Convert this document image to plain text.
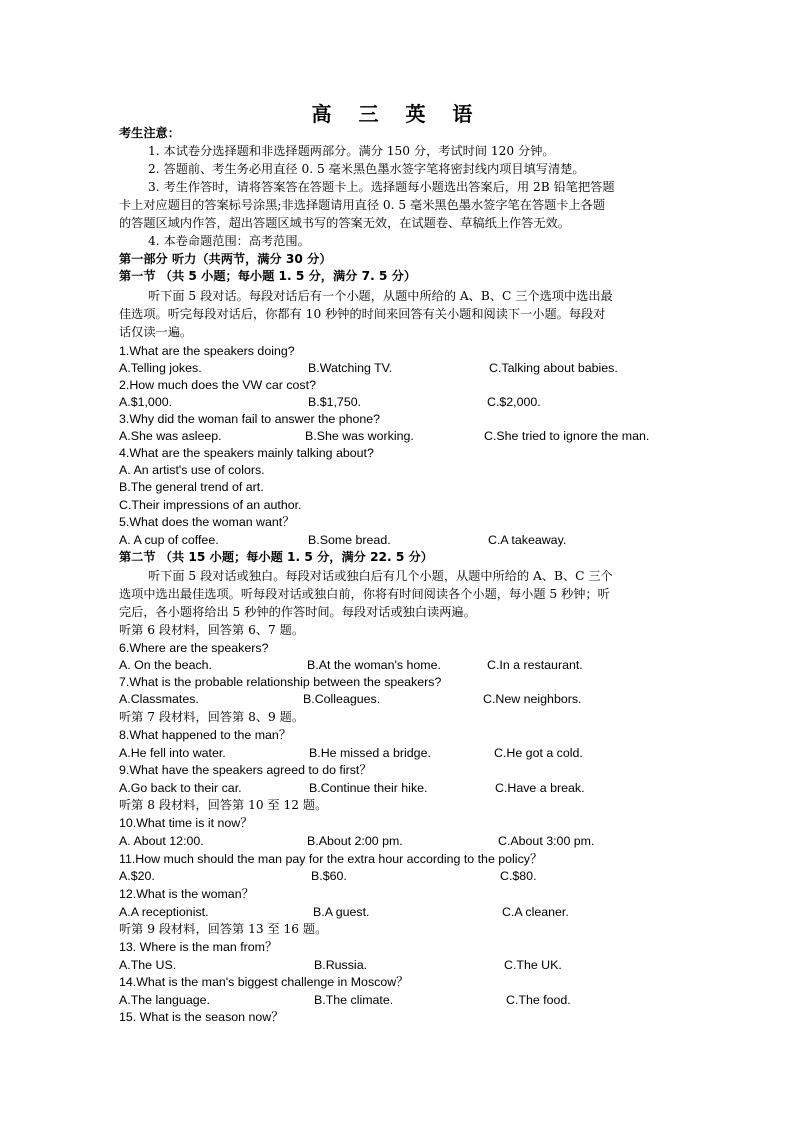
高 三 英 语
考生注意：
1. 本试卷分选择题和非选择题两部分。满分 150 分，考试时间 120 分钟。
2. 答题前、考生务必用直径 0. 5 毫米黑色墨水签字笔将密封线内项目填写清楚。
3. 考生作答时，请将答案答在答题卡上。选择题每小题选出答案后，用 2B 铅笔把答题
卡上对应题目的答案标号涂黑;非选择题请用直径 0. 5 毫米黑色墨水签字笔在答题卡上各题
的答题区域内作答，超出答题区域书写的答案无效，在试题卷、草稿纸上作答无效。
4. 本卷命题范围：高考范围。
第一部分 听力（共两节，满分 30 分）
第一节 （共 5 小题；每小题 1. 5 分，满分 7. 5 分）
听下面 5 段对话。每段对话后有一个小题，从题中所给的 A、B、C 三个选项中选出最
佳选项。听完每段对话后，你都有 10 秒钟的时间来回答有关小题和阅读下一小题。每段对
话仅读一遍。
1.What are the speakers doing?
A.Telling jokes.	B.Watching TV.	C.Talking about babies.
2.How much does the VW car cost?
A.$1,000.	B.$1,750.	C.$2,000.
3.Why did the woman fail to answer the phone?
A.She was asleep.	B.She was working.	C.She tried to ignore the man.
4.What are the speakers mainly talking about?
A. An artist's use of colors.
B.The general trend of art.
C.Their impressions of an author.
5.What does the woman want？
A. A cup of coffee.	B.Some bread.	C.A takeaway.
第二节 （共 15 小题；每小题 1. 5 分，满分 22. 5 分）
听下面 5 段对话或独白。每段对话或独白后有几个小题，从题中所给的 A、B、C 三个
选项中选出最佳选项。听每段对话或独白前，你将有时间阅读各个小题，每小题 5 秒钟；听
完后，各小题将给出 5 秒钟的作答时间。每段对话或独白读两遍。
听第 6 段材料，回答第 6、7 题。
6.Where are the speakers?
A. On the beach.	B.At the woman's home.	C.In a restaurant.
7.What is the probable relationship between the speakers?
A.Classmates.	B.Colleagues.	C.New neighbors.
听第 7 段材料，回答第 8、9 题。
8.What happened to the man？
A.He fell into water.	B.He missed a bridge.	C.He got a cold.
9.What have the speakers agreed to do first？
A.Go back to their car.	B.Continue their hike.	C.Have a break.
听第 8 段材料，回答第 10 至 12 题。
10.What time is it now？
A. About 12:00.	B.About 2:00 pm.	C.About 3:00 pm.
11.How much should the man pay for the extra hour according to the policy？
A.$20.	B.$60.	C.$80.
12.What is the woman？
A.A receptionist.	B.A guest.	C.A cleaner.
听第 9 段材料，回答第 13 至 16 题。
13. Where is the man from？
A.The US.	B.Russia.	C.The UK.
14.What is the man's biggest challenge in Moscow？
A.The language.	B.The climate.	C.The food.
15. What is the season now？
